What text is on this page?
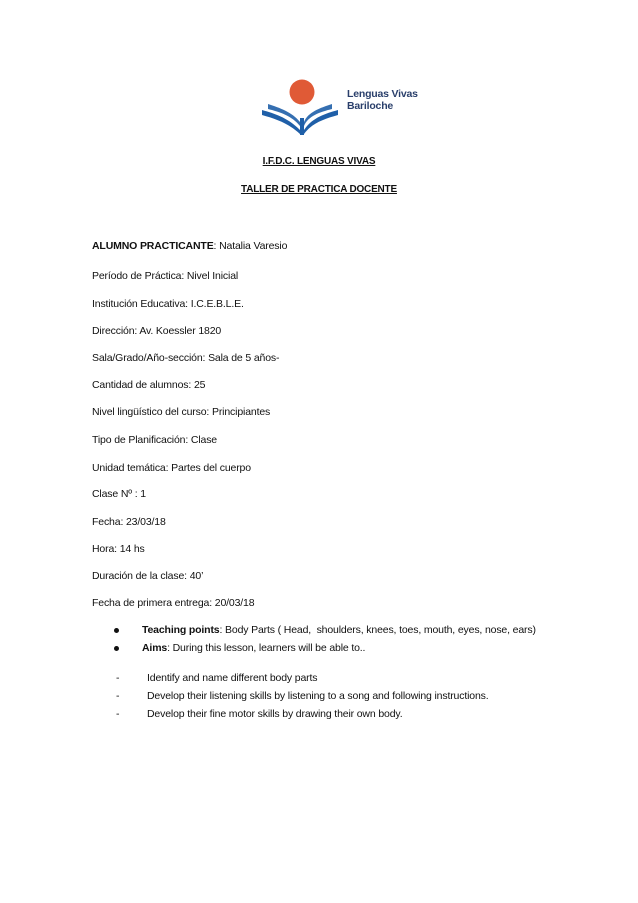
Lenguas Vivas
Bariloche
I.F.D.C. LENGUAS VIVAS
TALLER DE PRACTICA DOCENTE
ALUMNO PRACTICANTE: Natalia Varesio
Período de Práctica: Nivel Inicial
Institución Educativa: I.C.E.B.L.E.
Dirección: Av. Koessler 1820
Sala/Grado/Año-sección: Sala de 5 años-
Cantidad de alumnos: 25
Nivel lingüístico del curso: Principiantes
Tipo de Planificación: Clase
Unidad temática: Partes del cuerpo
Clase Nº : 1
Fecha: 23/03/18
Hora: 14 hs
Duración de la clase: 40’
Fecha de primera entrega: 20/03/18
Teaching points: Body Parts ( Head,  shoulders, knees, toes, mouth, eyes, nose, ears)
Aims: During this lesson, learners will be able to..
-	Identify and name different body parts
-	Develop their listening skills by listening to a song and following instructions.
-	Develop their fine motor skills by drawing their own body.
